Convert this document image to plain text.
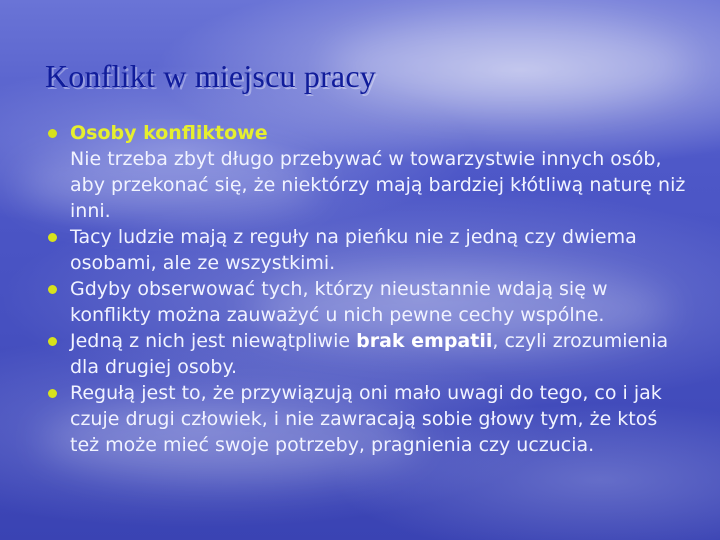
Konflikt w miejscu pracy
Osoby konfliktowe
Nie trzeba zbyt długo przebywać w towarzystwie innych osób, aby przekonać się, że niektórzy mają bardziej kłótliwą naturę niż inni.
Tacy ludzie mają z reguły na pieńku nie z jedną czy dwiema osobami, ale ze wszystkimi.
Gdyby obserwować tych, którzy nieustannie wdają się w konflikty można zauważyć u nich pewne cechy wspólne.
Jedną z nich jest niewątpliwie brak empatii, czyli zrozumienia dla drugiej osoby.
Regułą jest to, że przywiązują oni mało uwagi do tego, co i jak czuje drugi człowiek, i nie zawracają sobie głowy tym, że ktoś też może mieć swoje potrzeby, pragnienia czy uczucia.
